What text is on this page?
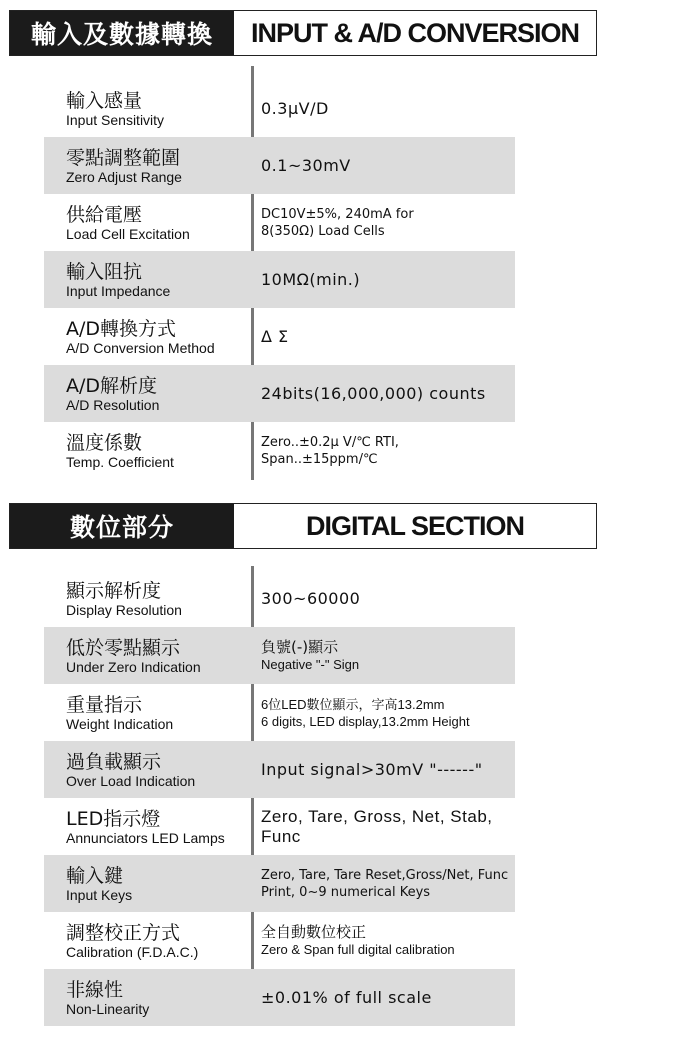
輸入及數據轉換	INPUT & A/D CONVERSION
輸入感量
Input Sensitivity
0.3μV/D
零點調整範圍
Zero Adjust Range
0.1~30mV
供給電壓
Load Cell Excitation
DC10V±5%, 240mA for
8(350Ω) Load Cells
輸入阻抗
Input Impedance
10MΩ(min.)
A/D轉換方式
A/D Conversion Method
Δ Σ
A/D解析度
A/D Resolution
24bits(16,000,000) counts
溫度係數
Temp. Coefficient
Zero..±0.2μ V/℃ RTI,
Span..±15ppm/℃
數位部分	DIGITAL SECTION
顯示解析度
Display Resolution
300~60000
低於零點顯示
Under Zero Indication
負號(-)顯示
Negative "-" Sign
重量指示
Weight Indication
6位LED數位顯示，字高13.2mm
6 digits, LED display,13.2mm Height
過負載顯示
Over Load Indication
Input signal>30mV "------"
LED指示燈
Annunciators LED Lamps
Zero, Tare, Gross, Net, Stab, Func
輸入鍵
Input Keys
Zero, Tare, Tare Reset,Gross/Net, Func
Print, 0~9 numerical Keys
調整校正方式
Calibration (F.D.A.C.)
全自動數位校正
Zero & Span full digital calibration
非線性
Non-Linearity
±0.01% of full scale
